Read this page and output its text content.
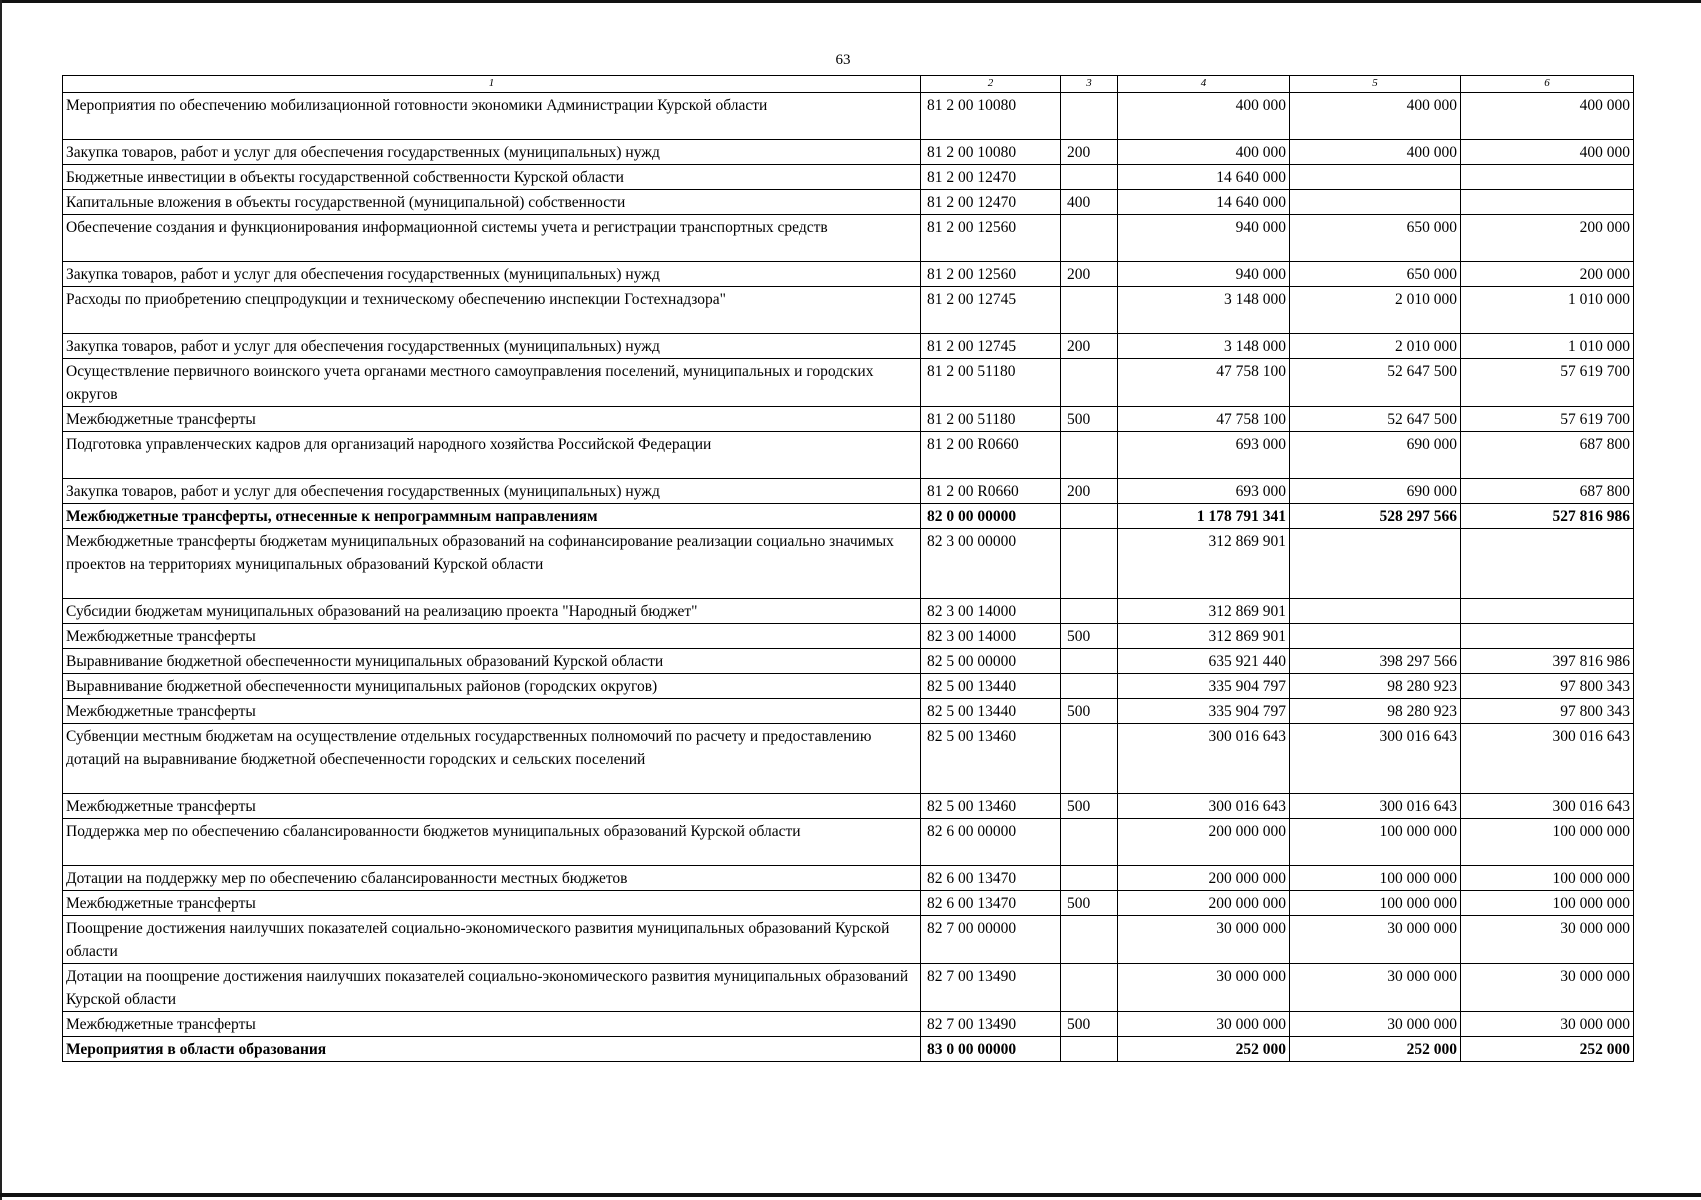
63
1	2	3	4	5	6
Мероприятия по обеспечению мобилизационной готовности экономики Администрации Курской области	81 2 00 10080		400 000	400 000	400 000
Закупка товаров, работ и услуг для обеспечения государственных (муниципальных) нужд	81 2 00 10080	200	400 000	400 000	400 000
Бюджетные инвестиции в объекты государственной собственности Курской области	81 2 00 12470		14 640 000		
Капитальные вложения в объекты государственной (муниципальной) собственности	81 2 00 12470	400	14 640 000		
Обеспечение создания и функционирования информационной системы учета и регистрации транспортных средств	81 2 00 12560		940 000	650 000	200 000
Закупка товаров, работ и услуг для обеспечения государственных (муниципальных) нужд	81 2 00 12560	200	940 000	650 000	200 000
Расходы по приобретению спецпродукции и техническому обеспечению инспекции Гостехнадзора"	81 2 00 12745		3 148 000	2 010 000	1 010 000
Закупка товаров, работ и услуг для обеспечения государственных (муниципальных) нужд	81 2 00 12745	200	3 148 000	2 010 000	1 010 000
Осуществление первичного воинского учета органами местного самоуправления поселений, муниципальных и городских округов	81 2 00 51180		47 758 100	52 647 500	57 619 700
Межбюджетные трансферты	81 2 00 51180	500	47 758 100	52 647 500	57 619 700
Подготовка управленческих кадров для организаций народного хозяйства Российской Федерации	81 2 00 R0660		693 000	690 000	687 800
Закупка товаров, работ и услуг для обеспечения государственных (муниципальных) нужд	81 2 00 R0660	200	693 000	690 000	687 800
Межбюджетные трансферты, отнесенные к непрограммным направлениям	82 0 00 00000		1 178 791 341	528 297 566	527 816 986
Межбюджетные трансферты бюджетам муниципальных образований на софинансирование реализации социально значимых проектов на территориях муниципальных образований Курской области	82 3 00 00000		312 869 901		
Субсидии бюджетам муниципальных образований на реализацию проекта "Народный бюджет"	82 3 00 14000		312 869 901		
Межбюджетные трансферты	82 3 00 14000	500	312 869 901		
Выравнивание бюджетной обеспеченности муниципальных образований Курской области	82 5 00 00000		635 921 440	398 297 566	397 816 986
Выравнивание бюджетной обеспеченности муниципальных районов (городских округов)	82 5 00 13440		335 904 797	98 280 923	97 800 343
Межбюджетные трансферты	82 5 00 13440	500	335 904 797	98 280 923	97 800 343
Субвенции местным бюджетам на осуществление отдельных государственных полномочий по расчету и предоставлению дотаций на выравнивание бюджетной обеспеченности городских и сельских поселений	82 5 00 13460		300 016 643	300 016 643	300 016 643
Межбюджетные трансферты	82 5 00 13460	500	300 016 643	300 016 643	300 016 643
Поддержка мер по обеспечению сбалансированности бюджетов муниципальных образований Курской области	82 6 00 00000		200 000 000	100 000 000	100 000 000
Дотации на поддержку мер по обеспечению сбалансированности местных бюджетов	82 6 00 13470		200 000 000	100 000 000	100 000 000
Межбюджетные трансферты	82 6 00 13470	500	200 000 000	100 000 000	100 000 000
Поощрение достижения наилучших показателей социально-экономического развития муниципальных образований Курской области	82 7 00 00000		30 000 000	30 000 000	30 000 000
Дотации на поощрение достижения наилучших показателей социально-экономического развития муниципальных образований Курской области	82 7 00 13490		30 000 000	30 000 000	30 000 000
Межбюджетные трансферты	82 7 00 13490	500	30 000 000	30 000 000	30 000 000
Мероприятия в области образования	83 0 00 00000		252 000	252 000	252 000
